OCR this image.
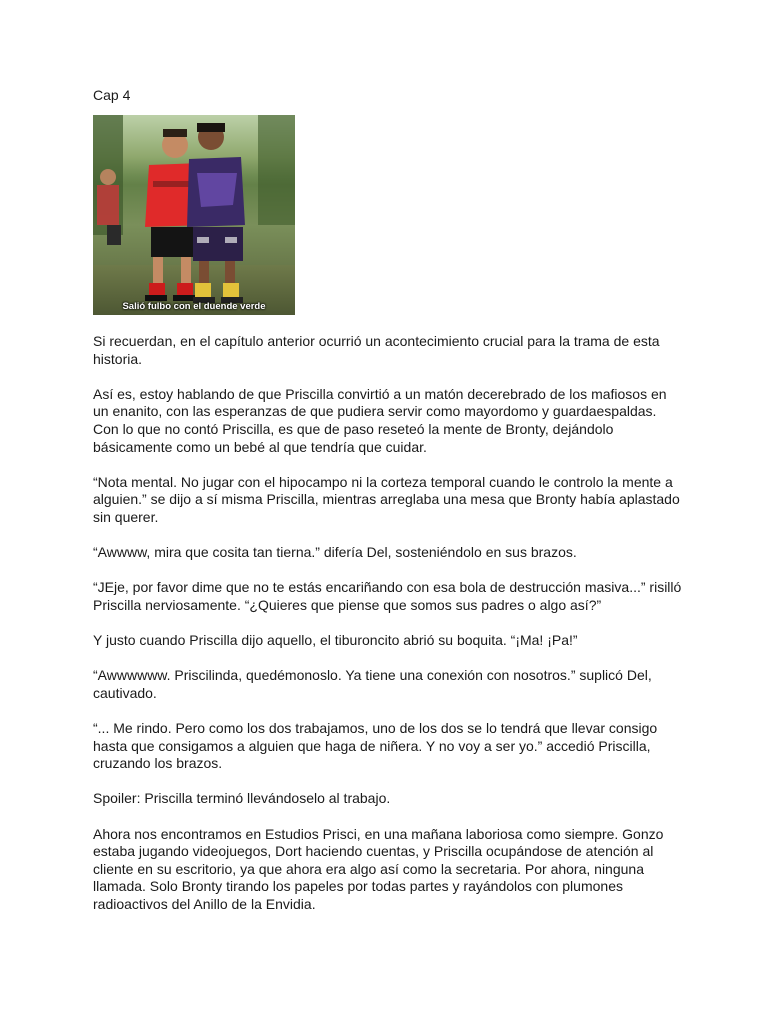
Cap 4
Salió fulbo con el duende verde

Si recuerdan, en el capítulo anterior ocurrió un acontecimiento crucial para la trama de esta historia.

Así es, estoy hablando de que Priscilla convirtió a un matón decerebrado de los mafiosos en un enanito, con las esperanzas de que pudiera servir como mayordomo y guardaespaldas. Con lo que no contó Priscilla, es que de paso reseteó la mente de Bronty, dejándolo básicamente como un bebé al que tendría que cuidar.

“Nota mental. No jugar con el hipocampo ni la corteza temporal cuando le controlo la mente a alguien.” se dijo a sí misma Priscilla, mientras arreglaba una mesa que Bronty había aplastado sin querer.

“Awwww, mira que cosita tan tierna.” difería Del, sosteniéndolo en sus brazos.

“JEje, por favor dime que no te estás encariñando con esa bola de destrucción masiva...” risilló Priscilla nerviosamente. “¿Quieres que piense que somos sus padres o algo así?”

Y justo cuando Priscilla dijo aquello, el tiburoncito abrió su boquita. “¡Ma! ¡Pa!”

“Awwwwww. Priscilinda, quedémonoslo. Ya tiene una conexión con nosotros.” suplicó Del, cautivado.

“... Me rindo. Pero como los dos trabajamos, uno de los dos se lo tendrá que llevar consigo hasta que consigamos a alguien que haga de niñera. Y no voy a ser yo.” accedió Priscilla, cruzando los brazos.

Spoiler: Priscilla terminó llevándoselo al trabajo.

Ahora nos encontramos en Estudios Prisci, en una mañana laboriosa como siempre. Gonzo estaba jugando videojuegos, Dort haciendo cuentas, y Priscilla ocupándose de atención al cliente en su escritorio, ya que ahora era algo así como la secretaria. Por ahora, ninguna llamada. Solo Bronty tirando los papeles por todas partes y rayándolos con plumones radioactivos del Anillo de la Envidia.
